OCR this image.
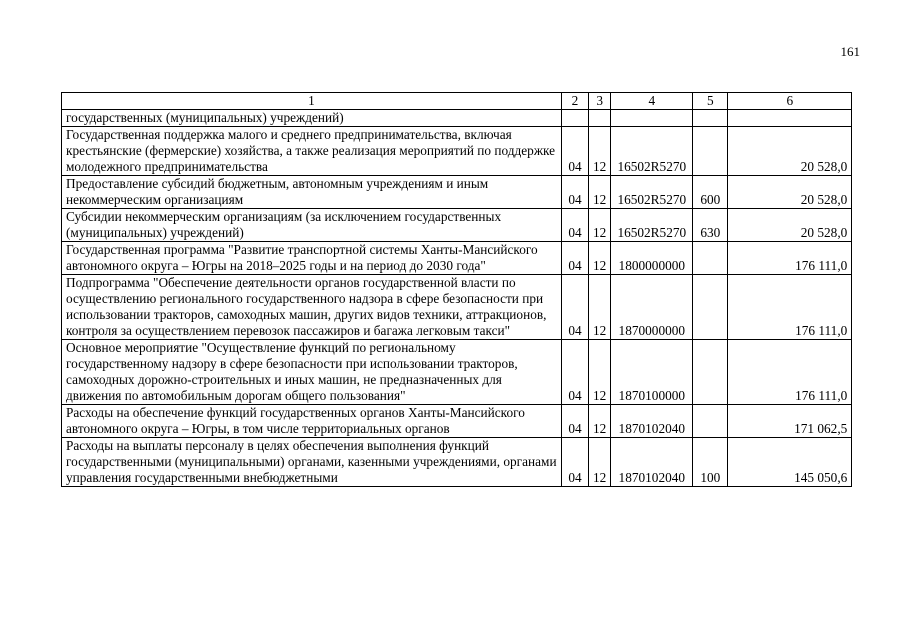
161
1	2	3	4	5	6
государственных (муниципальных) учреждений)					
Государственная поддержка малого и среднего предпринимательства, включая крестьянские (фермерские) хозяйства, а также реализация мероприятий по поддержке молодежного предпринимательства	04	12	16502R5270		20 528,0
Предоставление субсидий бюджетным, автономным учреждениям и иным некоммерческим организациям	04	12	16502R5270	600	20 528,0
Субсидии некоммерческим организациям (за исключением государственных (муниципальных) учреждений)	04	12	16502R5270	630	20 528,0
Государственная программа "Развитие транспортной системы Ханты-Мансийского автономного округа – Югры на 2018–2025 годы и на период до 2030 года"	04	12	1800000000		176 111,0
Подпрограмма "Обеспечение деятельности органов государственной власти по осуществлению регионального государственного надзора в сфере безопасности при использовании тракторов, самоходных машин, других видов техники, аттракционов, контроля за осуществлением перевозок пассажиров и багажа легковым такси"	04	12	1870000000		176 111,0
Основное мероприятие "Осуществление функций по региональному государственному надзору в сфере безопасности при использовании тракторов, самоходных дорожно-строительных и иных машин, не предназначенных для движения по автомобильным дорогам общего пользования"	04	12	1870100000		176 111,0
Расходы на обеспечение функций государственных органов Ханты-Мансийского автономного округа – Югры, в том числе территориальных органов	04	12	1870102040		171 062,5
Расходы на выплаты персоналу в целях обеспечения выполнения функций государственными (муниципальными) органами, казенными учреждениями, органами управления государственными внебюджетными	04	12	1870102040	100	145 050,6
